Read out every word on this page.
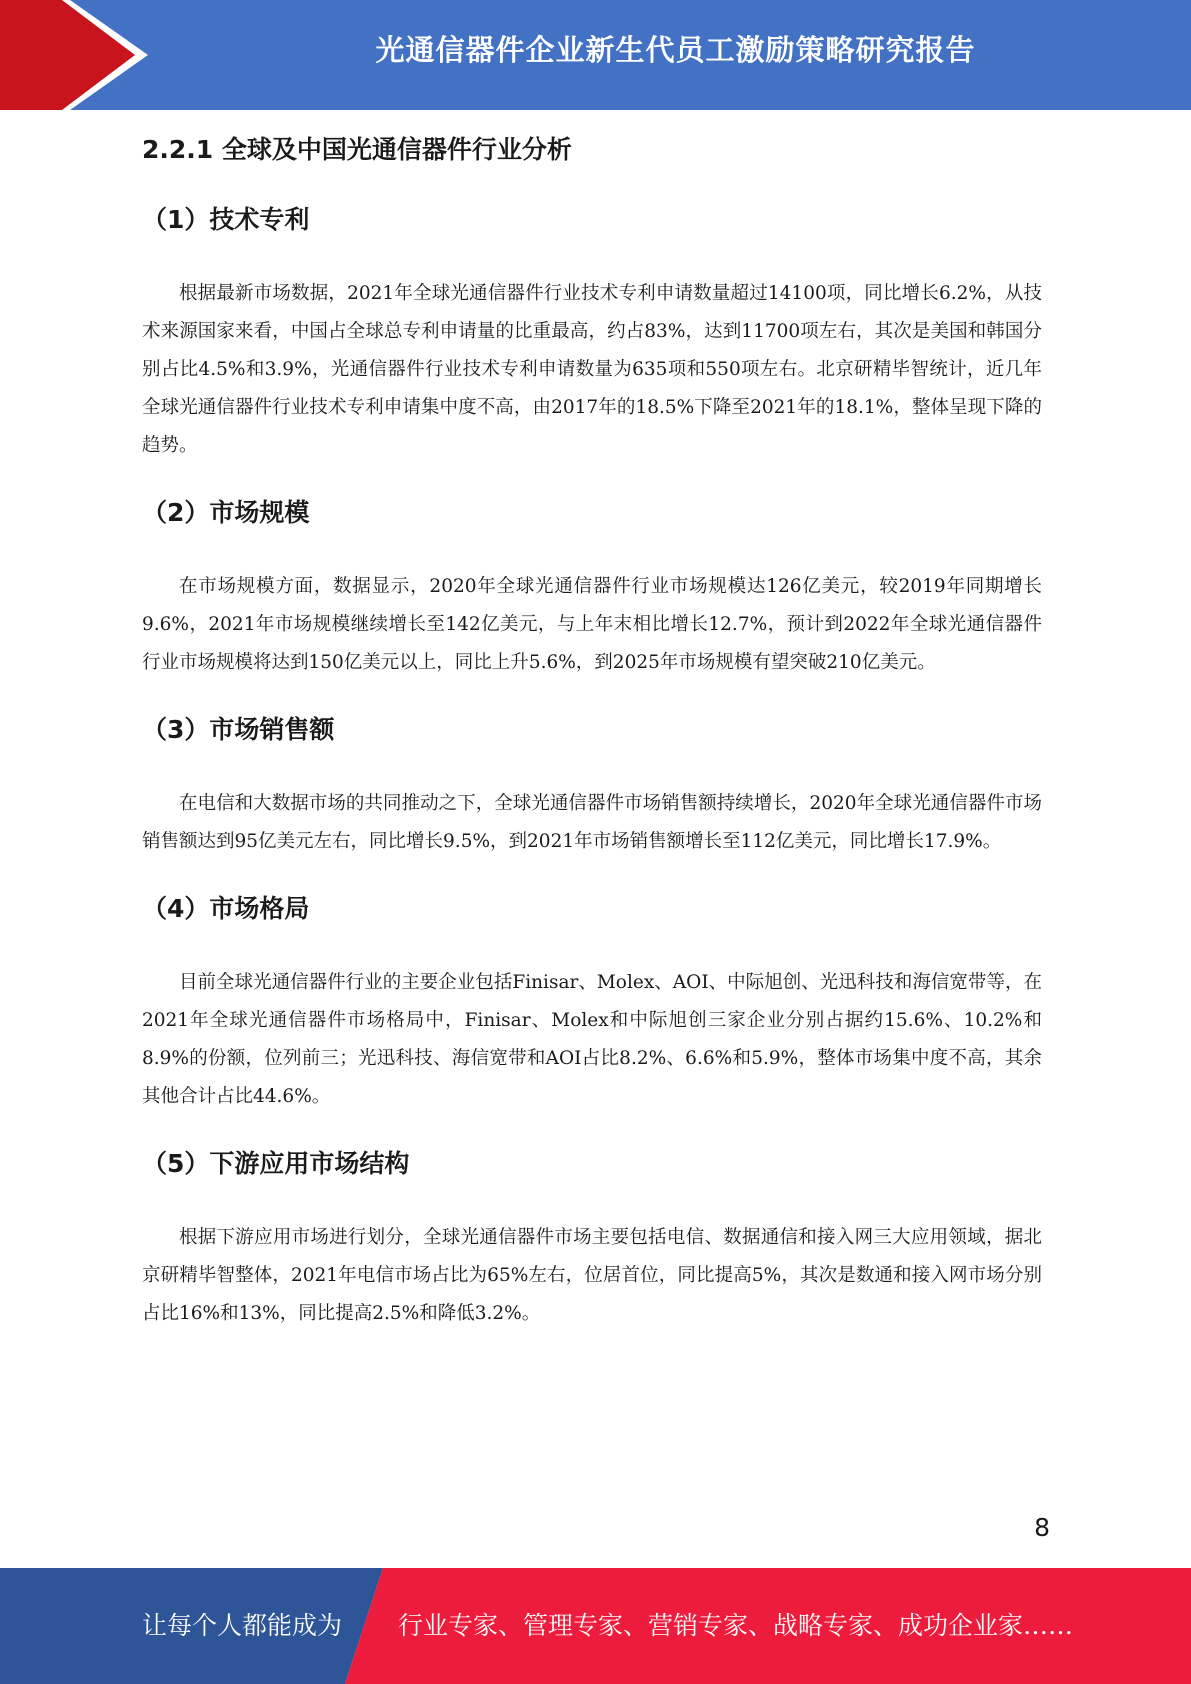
光通信器件企业新生代员工激励策略研究报告
2.2.1 全球及中国光通信器件行业分析
（1）技术专利

根据最新市场数据，2021年全球光通信器件行业技术专利申请数量超过14100项，同比增长6.2%，从技术来源国家来看，中国占全球总专利申请量的比重最高，约占83%，达到11700项左右，其次是美国和韩国分别占比4.5%和3.9%，光通信器件行业技术专利申请数量为635项和550项左右。北京研精毕智统计，近几年全球光通信器件行业技术专利申请集中度不高，由2017年的18.5%下降至2021年的18.1%，整体呈现下降的趋势。

（2）市场规模

在市场规模方面，数据显示，2020年全球光通信器件行业市场规模达126亿美元，较2019年同期增长9.6%，2021年市场规模继续增长至142亿美元，与上年末相比增长12.7%，预计到2022年全球光通信器件行业市场规模将达到150亿美元以上，同比上升5.6%，到2025年市场规模有望突破210亿美元。

（3）市场销售额

在电信和大数据市场的共同推动之下，全球光通信器件市场销售额持续增长，2020年全球光通信器件市场销售额达到95亿美元左右，同比增长9.5%，到2021年市场销售额增长至112亿美元，同比增长17.9%。

（4）市场格局

目前全球光通信器件行业的主要企业包括Finisar、Molex、AOI、中际旭创、光迅科技和海信宽带等，在2021年全球光通信器件市场格局中，Finisar、Molex和中际旭创三家企业分别占据约15.6%、10.2%和8.9%的份额，位列前三；光迅科技、海信宽带和AOI占比8.2%、6.6%和5.9%，整体市场集中度不高，其余其他合计占比44.6%。

（5）下游应用市场结构

根据下游应用市场进行划分，全球光通信器件市场主要包括电信、数据通信和接入网三大应用领域，据北京研精毕智整体，2021年电信市场占比为65%左右，位居首位，同比提高5%，其次是数通和接入网市场分别占比16%和13%，同比提高2.5%和降低3.2%。

8
让每个人都能成为 行业专家、管理专家、营销专家、战略专家、成功企业家……
